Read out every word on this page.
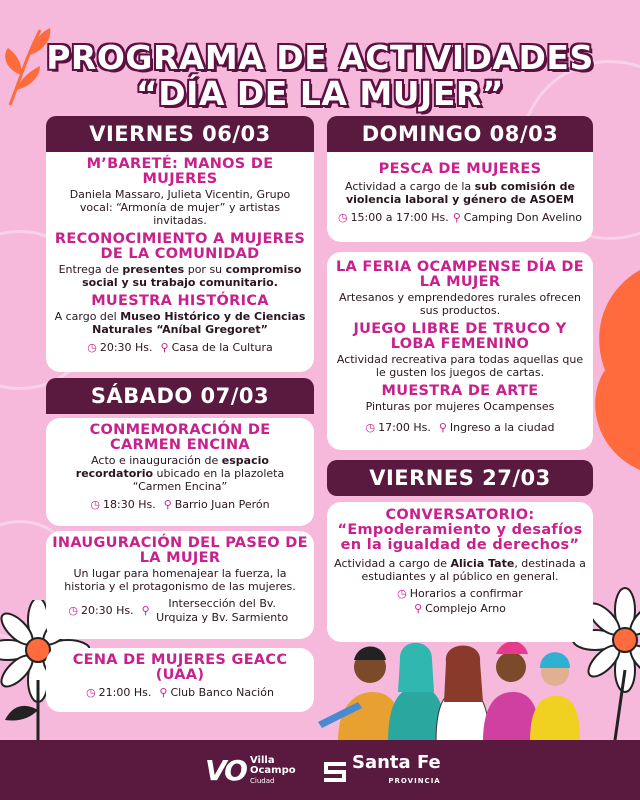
PROGRAMA DE ACTIVIDADES
“DÍA DE LA MUJER”
VIERNES 06/03
M’BARETÉ: MANOS DE MUJERES
Daniela Massaro, Julieta Vicentin, Grupo vocal: “Armonía de mujer” y artistas invitadas.
RECONOCIMIENTO A MUJERES DE LA COMUNIDAD
Entrega de presentes por su compromiso social y su trabajo comunitario.
MUESTRA HISTÓRICA
A cargo del Museo Histórico y de Ciencias Naturales “Aníbal Gregoret”
◷ 20:30 Hs. ⚲ Casa de la Cultura
SÁBADO 07/03
CONMEMORACIÓN DE CARMEN ENCINA
Acto e inauguración de espacio recordatorio ubicado en la plazoleta “Carmen Encina”
◷ 18:30 Hs. ⚲ Barrio Juan Perón
INAUGURACIÓN DEL PASEO DE LA MUJER
Un lugar para homenajear la fuerza, la historia y el protagonismo de las mujeres.
◷ 20:30 Hs. ⚲
Intersección del Bv. Urquiza y Bv. Sarmiento
CENA DE MUJERES GEACC (UAA)
◷ 21:00 Hs. ⚲ Club Banco Nación
DOMINGO 08/03
PESCA DE MUJERES
Actividad a cargo de la sub comisión de violencia laboral y género de ASOEM
◷ 15:00 a 17:00 Hs. ⚲ Camping Don Avelino
LA FERIA OCAMPENSE DÍA DE LA MUJER
Artesanos y emprendedores rurales ofrecen sus productos.
JUEGO LIBRE DE TRUCO Y LOBA FEMENINO
Actividad recreativa para todas aquellas que le gusten los juegos de cartas.
MUESTRA DE ARTE
Pinturas por mujeres Ocampenses
◷ 17:00 Hs. ⚲ Ingreso a la ciudad
VIERNES 27/03
CONVERSATORIO: “Empoderamiento y desafíos en la igualdad de derechos”
Actividad a cargo de Alicia Tate, destinada a estudiantes y al público en general.
◷ Horarios a confirmar
⚲ Complejo Arno
VO Villa
Ocampo
Ciudad
Santa Fe
PROVINCIA
